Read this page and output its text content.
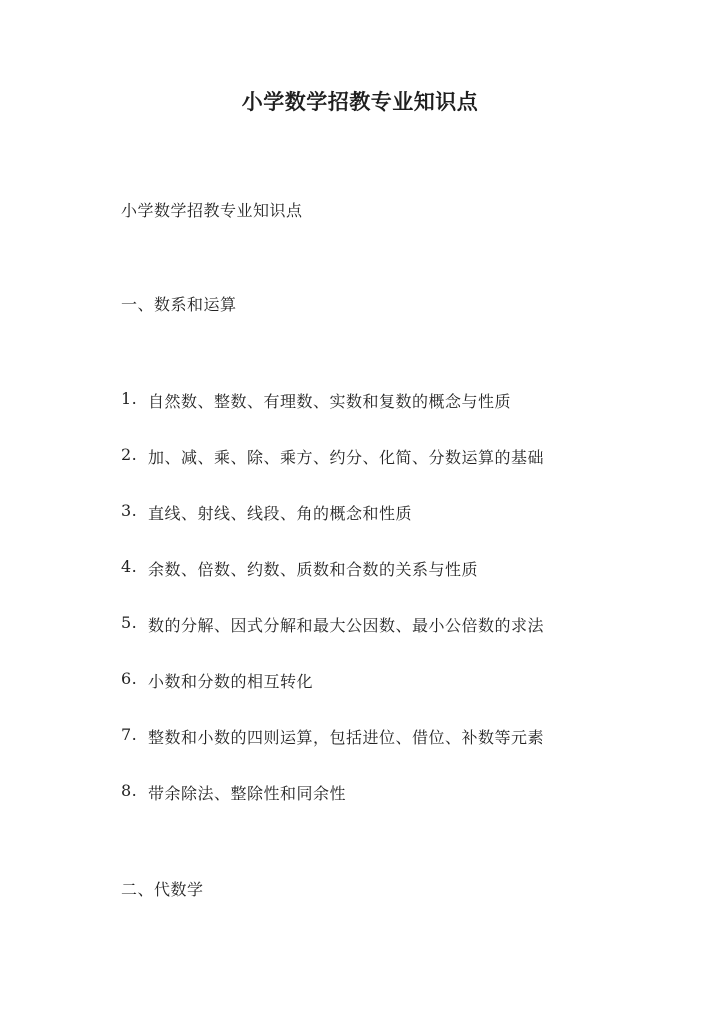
小学数学招教专业知识点

小学数学招教专业知识点

一、数系和运算

1. 自然数、整数、有理数、实数和复数的概念与性质
2. 加、减、乘、除、乘方、约分、化简、分数运算的基础
3. 直线、射线、线段、角的概念和性质
4. 余数、倍数、约数、质数和合数的关系与性质
5. 数的分解、因式分解和最大公因数、最小公倍数的求法
6. 小数和分数的相互转化
7. 整数和小数的四则运算，包括进位、借位、补数等元素
8. 带余除法、整除性和同余性

二、代数学
